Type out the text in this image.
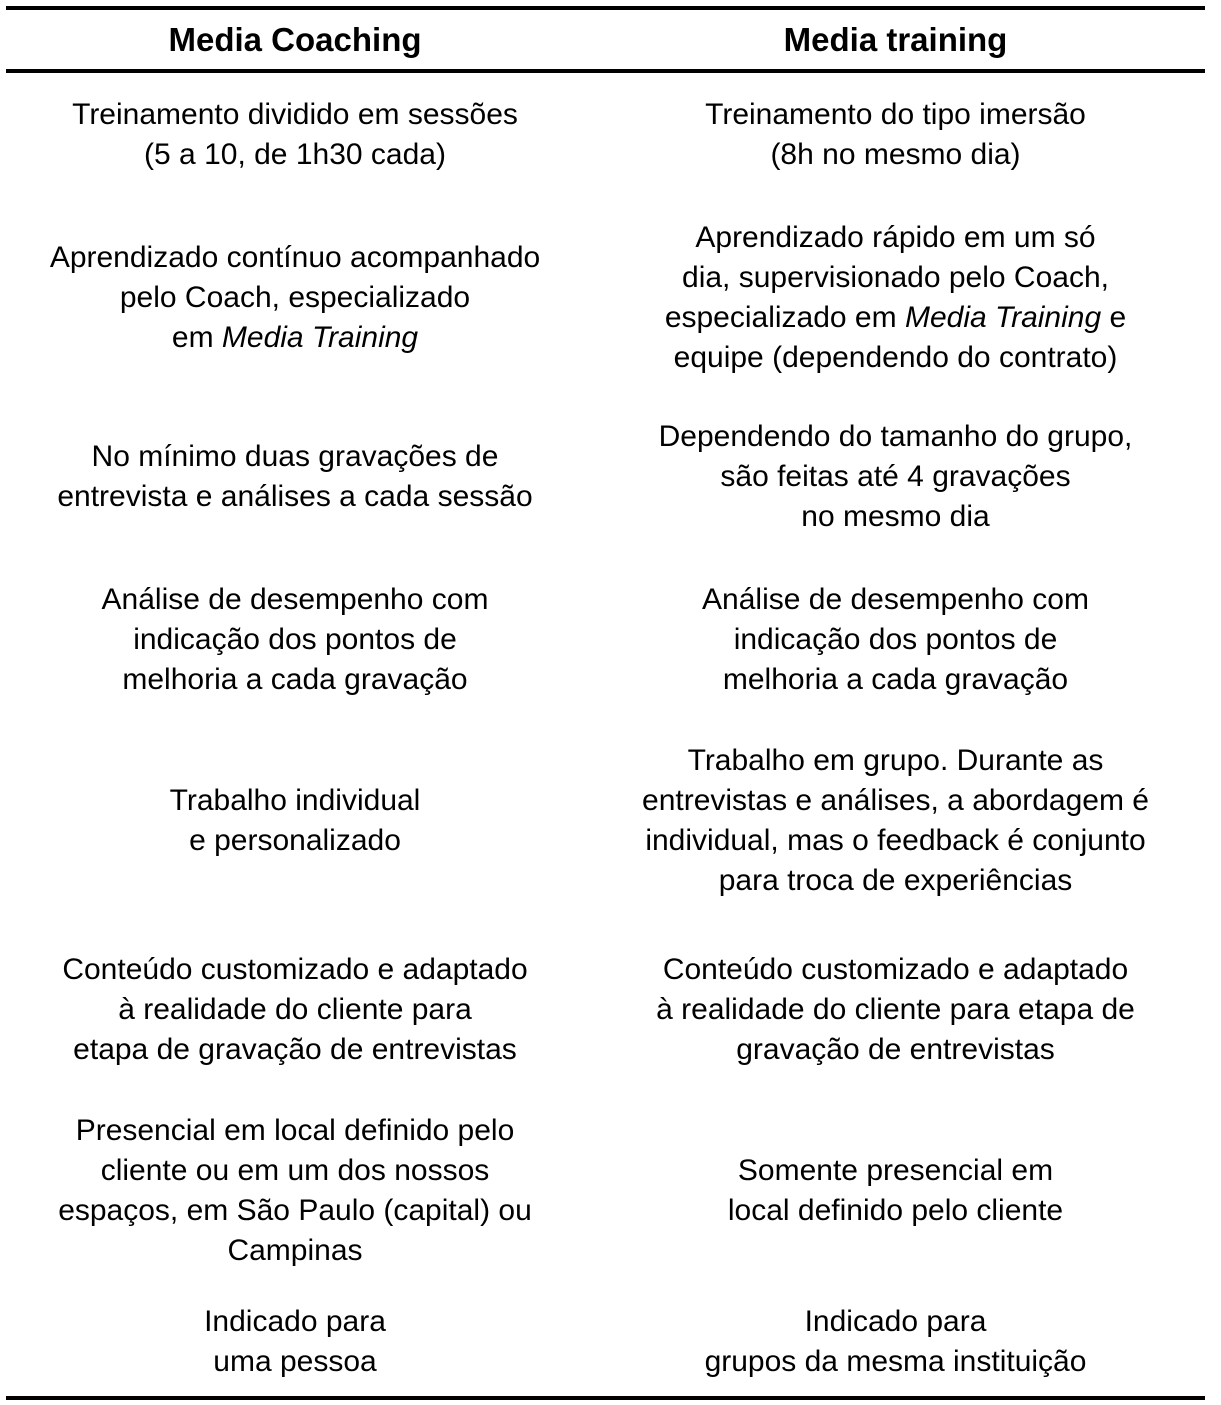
Media Coaching	Media training
Treinamento dividido em sessões
(5 a 10, de 1h30 cada)
Treinamento do tipo imersão
(8h no mesmo dia)
Aprendizado contínuo acompanhado
pelo Coach, especializado
em Media Training
Aprendizado rápido em um só
dia, supervisionado pelo Coach,
especializado em Media Training e
equipe (dependendo do contrato)
No mínimo duas gravações de
entrevista e análises a cada sessão
Dependendo do tamanho do grupo,
são feitas até 4 gravações
no mesmo dia
Análise de desempenho com
indicação dos pontos de
melhoria a cada gravação
Análise de desempenho com
indicação dos pontos de
melhoria a cada gravação
Trabalho individual
e personalizado
Trabalho em grupo. Durante as
entrevistas e análises, a abordagem é
individual, mas o feedback é conjunto
para troca de experiências
Conteúdo customizado e adaptado
à realidade do cliente para
etapa de gravação de entrevistas
Conteúdo customizado e adaptado
à realidade do cliente para etapa de
gravação de entrevistas
Presencial em local definido pelo
cliente ou em um dos nossos
espaços, em São Paulo (capital) ou
Campinas
Somente presencial em
local definido pelo cliente
Indicado para
uma pessoa
Indicado para
grupos da mesma instituição
